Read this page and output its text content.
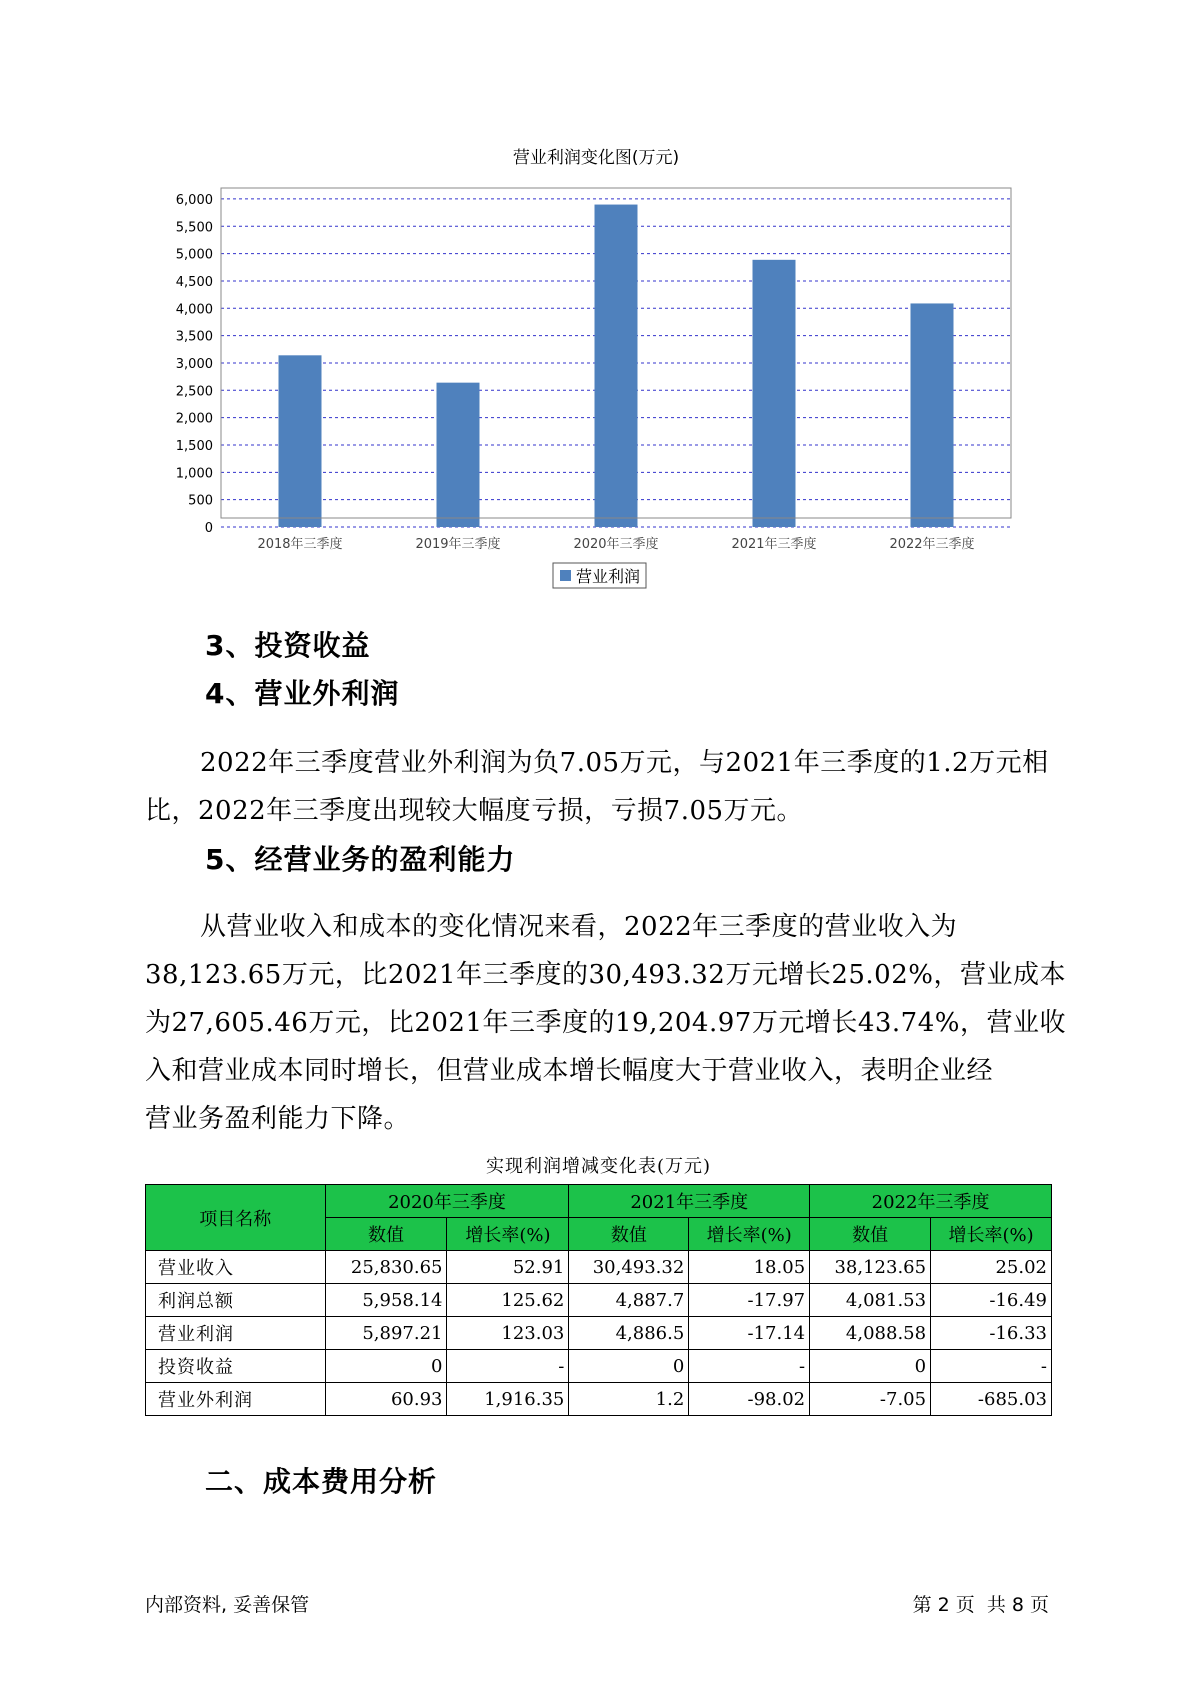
营业利润变化图(万元)
0
500
1,000
1,500
2,000
2,500
3,000
3,500
4,000
4,500
5,000
5,500
6,000
2018年三季度	2019年三季度	2020年三季度	2021年三季度	2022年三季度
营业利润
3、投资收益
4、营业外利润

2022年三季度营业外利润为负7.05万元，与2021年三季度的1.2万元相

比，2022年三季度出现较大幅度亏损，亏损7.05万元。

5、经营业务的盈利能力

从营业收入和成本的变化情况来看，2022年三季度的营业收入为

38,123.65万元，比2021年三季度的30,493.32万元增长25.02%，营业成本

为27,605.46万元，比2021年三季度的19,204.97万元增长43.74%，营业收

入和营业成本同时增长，但营业成本增长幅度大于营业收入，表明企业经

营业务盈利能力下降。

实现利润增减变化表(万元)
项目名称	2020年三季度		2021年三季度		2022年三季度	
	数值	增长率(%)	数值	增长率(%)	数值	增长率(%)
营业收入	25,830.65	52.91	30,493.32	18.05	38,123.65	25.02
利润总额	5,958.14	125.62	4,887.7	-17.97	4,081.53	-16.49
营业利润	5,897.21	123.03	4,886.5	-17.14	4,088.58	-16.33
投资收益	0	-	0	-	0	-
营业外利润	60.93	1,916.35	1.2	-98.02	-7.05	-685.03
二、成本费用分析

内部资料, 妥善保管	第 2 页  共 8 页
